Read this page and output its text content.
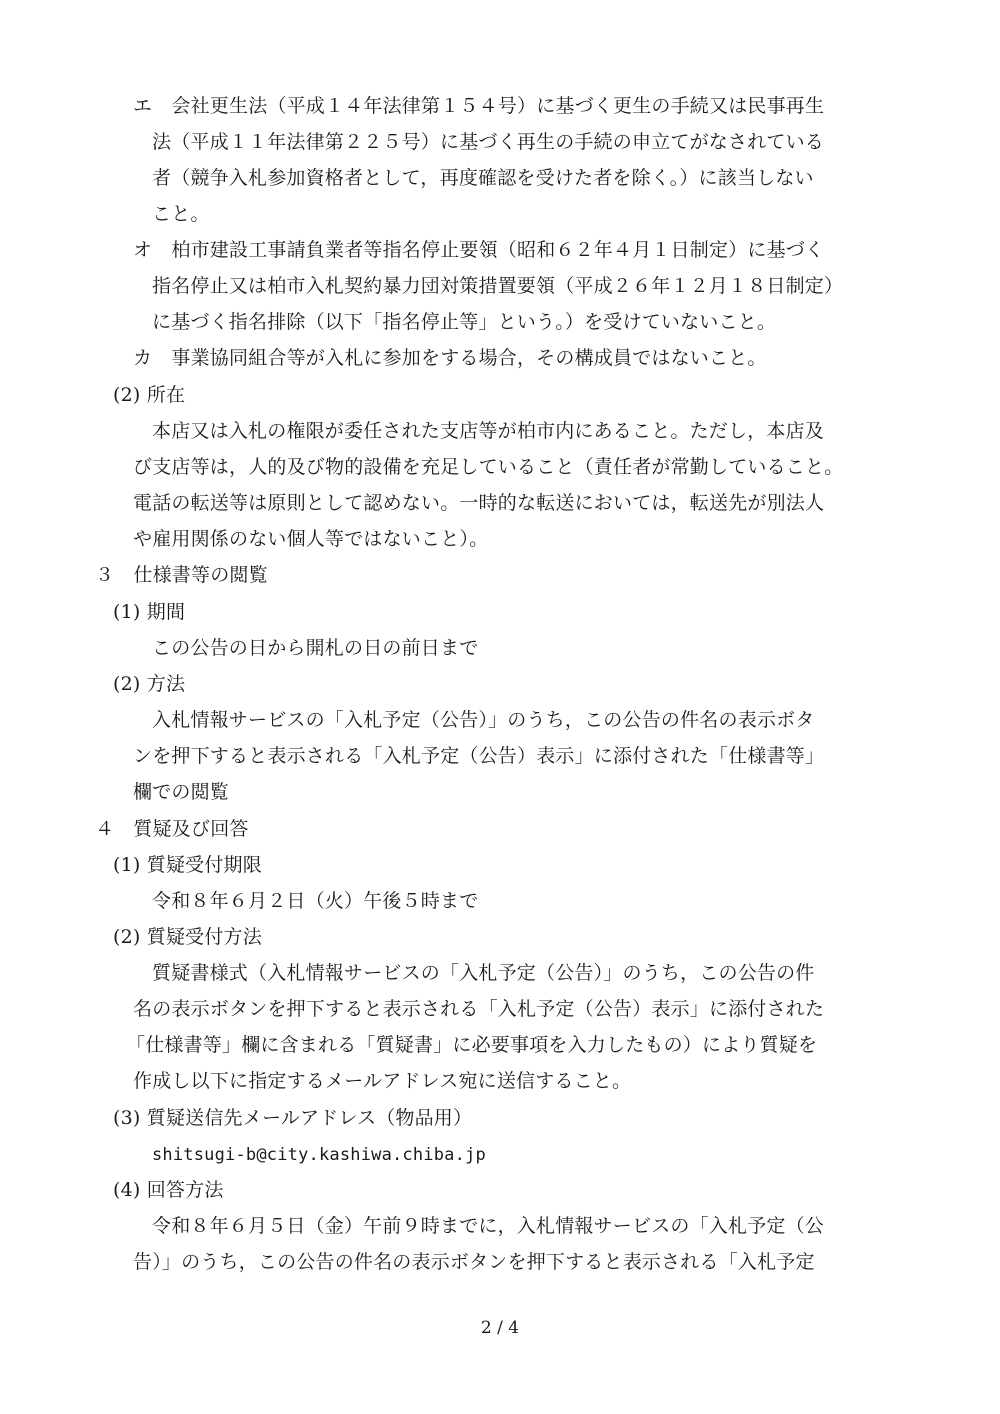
エ　会社更生法（平成１４年法律第１５４号）に基づく更生の手続又は民事再生
法（平成１１年法律第２２５号）に基づく再生の手続の申立てがなされている
者（競争入札参加資格者として，再度確認を受けた者を除く。）に該当しない
こと。
オ　柏市建設工事請負業者等指名停止要領（昭和６２年４月１日制定）に基づく
指名停止又は柏市入札契約暴力団対策措置要領（平成２６年１２月１８日制定）
に基づく指名排除（以下「指名停止等」という。）を受けていないこと。
カ　事業協同組合等が入札に参加をする場合，その構成員ではないこと。
(2) 所在
本店又は入札の権限が委任された支店等が柏市内にあること。ただし，本店及
び支店等は，人的及び物的設備を充足していること（責任者が常勤していること。
電話の転送等は原則として認めない。一時的な転送においては，転送先が別法人
や雇用関係のない個人等ではないこと）。
３　仕様書等の閲覧
(1) 期間
この公告の日から開札の日の前日まで
(2) 方法
入札情報サービスの「入札予定（公告）」のうち，この公告の件名の表示ボタ
ンを押下すると表示される「入札予定（公告）表示」に添付された「仕様書等」
欄での閲覧
４　質疑及び回答
(1) 質疑受付期限
令和８年６月２日（火）午後５時まで
(2) 質疑受付方法
質疑書様式（入札情報サービスの「入札予定（公告）」のうち，この公告の件
名の表示ボタンを押下すると表示される「入札予定（公告）表示」に添付された
「仕様書等」欄に含まれる「質疑書」に必要事項を入力したもの）により質疑を
作成し以下に指定するメールアドレス宛に送信すること。
(3) 質疑送信先メールアドレス（物品用）
shitsugi-b@city.kashiwa.chiba.jp
(4) 回答方法
令和８年６月５日（金）午前９時までに，入札情報サービスの「入札予定（公
告）」のうち，この公告の件名の表示ボタンを押下すると表示される「入札予定
2 / 4
